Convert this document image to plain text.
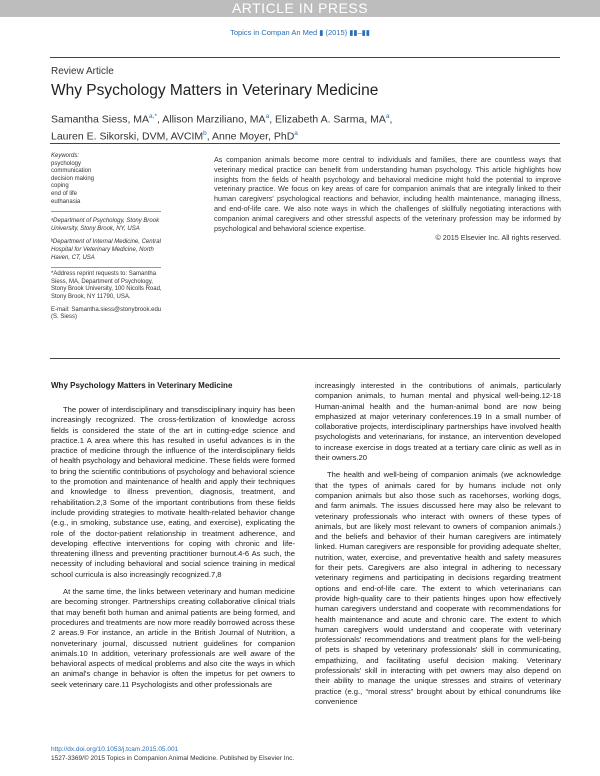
ARTICLE IN PRESS
Topics in Compan An Med ▮ (2015) ▮▮–▮▮
Review Article
Why Psychology Matters in Veterinary Medicine
Samantha Siess, $MA^{a,*}$, Allison Marziliano, $MA^a$, Elizabeth A. Sarma, $MA^a$,
Lauren E. Sikorski, DVM, AVCIM$^b$, Anne Moyer, PhD$^a$
Keywords:
psychology
communication
decision making
coping
end of life
euthanasia
ᵃDepartment of Psychology, Stony Brook University, Stony Brook, NY, USA
ᵇDepartment of Internal Medicine, Central Hospital for Veterinary Medicine, North Haven, CT, USA
*Address reprint requests to: Samantha Siess, MA, Department of Psychology, Stony Brook University, 100 Nicolls Road, Stony Brook, NY 11790, USA.
E-mail: Samantha.siess@stonybrook.edu (S. Siess)
As companion animals become more central to individuals and families, there are countless ways that veterinary medical practice can benefit from understanding human psychology. This article highlights how insights from the fields of health psychology and behavioral medicine might hold the potential to improve veterinary practice. We focus on key areas of care for companion animals that are integrally linked to their human caregivers' psychological reactions and behavior, including health maintenance, managing illness, and end-of-life care. We also note ways in which the challenges of skillfully negotiating interactions with companion animal caregivers and other stressful aspects of the veterinary profession may be informed by psychological and behavioral science expertise.
© 2015 Elsevier Inc. All rights reserved.
Why Psychology Matters in Veterinary Medicine

The power of interdisciplinary and transdisciplinary inquiry has been increasingly recognized. The cross-fertilization of knowledge across fields is considered the state of the art in cutting-edge science and practice.1 A area where this has resulted in useful advances is in the practice of medicine through the influence of the interdisciplinary fields of health psychology and behavioral medicine. These fields were formed to bring the scientific contributions of psychology and behavioral science to the promotion and maintenance of health and apply their techniques and knowledge to illness prevention, diagnosis, treatment, and rehabilitation.2,3 Some of the important contributions from these fields include providing strategies to motivate health-related behavior change (e.g., in smoking, substance use, eating, and exercise), explicating the role of the doctor-patient relationship in treatment adherence, and developing effective interventions for coping with chronic and life-threatening illness and preventing practitioner burnout.4-6 As such, the necessity of including behavioral and social science training in medical school curricula is also increasingly recognized.7,8

At the same time, the links between veterinary and human medicine are becoming stronger. Partnerships creating collaborative clinical trials that may benefit both human and animal patients are being formed, and procedures and treatments are now more readily borrowed across these 2 areas.9 For instance, an article in the British Journal of Nutrition, a nonveterinary journal, discussed nutrient guidelines for companion animals.10 In addition, veterinary professionals are well aware of the behavioral aspects of medical problems and also cite the ways in which an animal's change in behavior is often the impetus for pet owners to seek veterinary care.11 Psychologists and other professionals are

increasingly interested in the contributions of animals, particularly companion animals, to human mental and physical well-being.12-18 Human-animal health and the human-animal bond are now being emphasized at major veterinary conferences.19 In a small number of collaborative projects, interdisciplinary partnerships have involved health psychologists and veterinarians, for instance, an intervention developed to increase exercise in dogs treated at a tertiary care clinic as well as in their owners.20

The health and well-being of companion animals (we acknowledge that the types of animals cared for by humans include not only companion animals but also those such as racehorses, working dogs, and farm animals. The issues discussed here may also be relevant to veterinary professionals who interact with owners of these types of animals, but are likely most relevant to owners of companion animals.) and the beliefs and behavior of their human caregivers are intimately linked. Human caregivers are responsible for providing adequate shelter, nutrition, water, exercise, and preventative health and safety measures for their pets. Caregivers are also integral in adhering to necessary veterinary regimens and participating in decisions regarding treatment options and end-of-life care. The extent to which veterinarians can provide high-quality care to their patients hinges upon how effectively human caregivers understand and cooperate with recommendations for health maintenance and acute and chronic care. The extent to which human caregivers would understand and cooperate with veterinary professionals' recommendations and treatment plans for the well-being of pets is shaped by veterinary professionals' skill in communicating, empathizing, and facilitating useful decision making. Veterinary professionals' skill in interacting with pet owners may also depend on their ability to manage the unique stresses and strains of veterinary practice (e.g., “moral stress” brought about by ethical conundrums like convenience

http://dx.doi.org/10.1053/j.tcam.2015.05.001
1527-3369/© 2015 Topics in Companion Animal Medicine. Published by Elsevier Inc.
